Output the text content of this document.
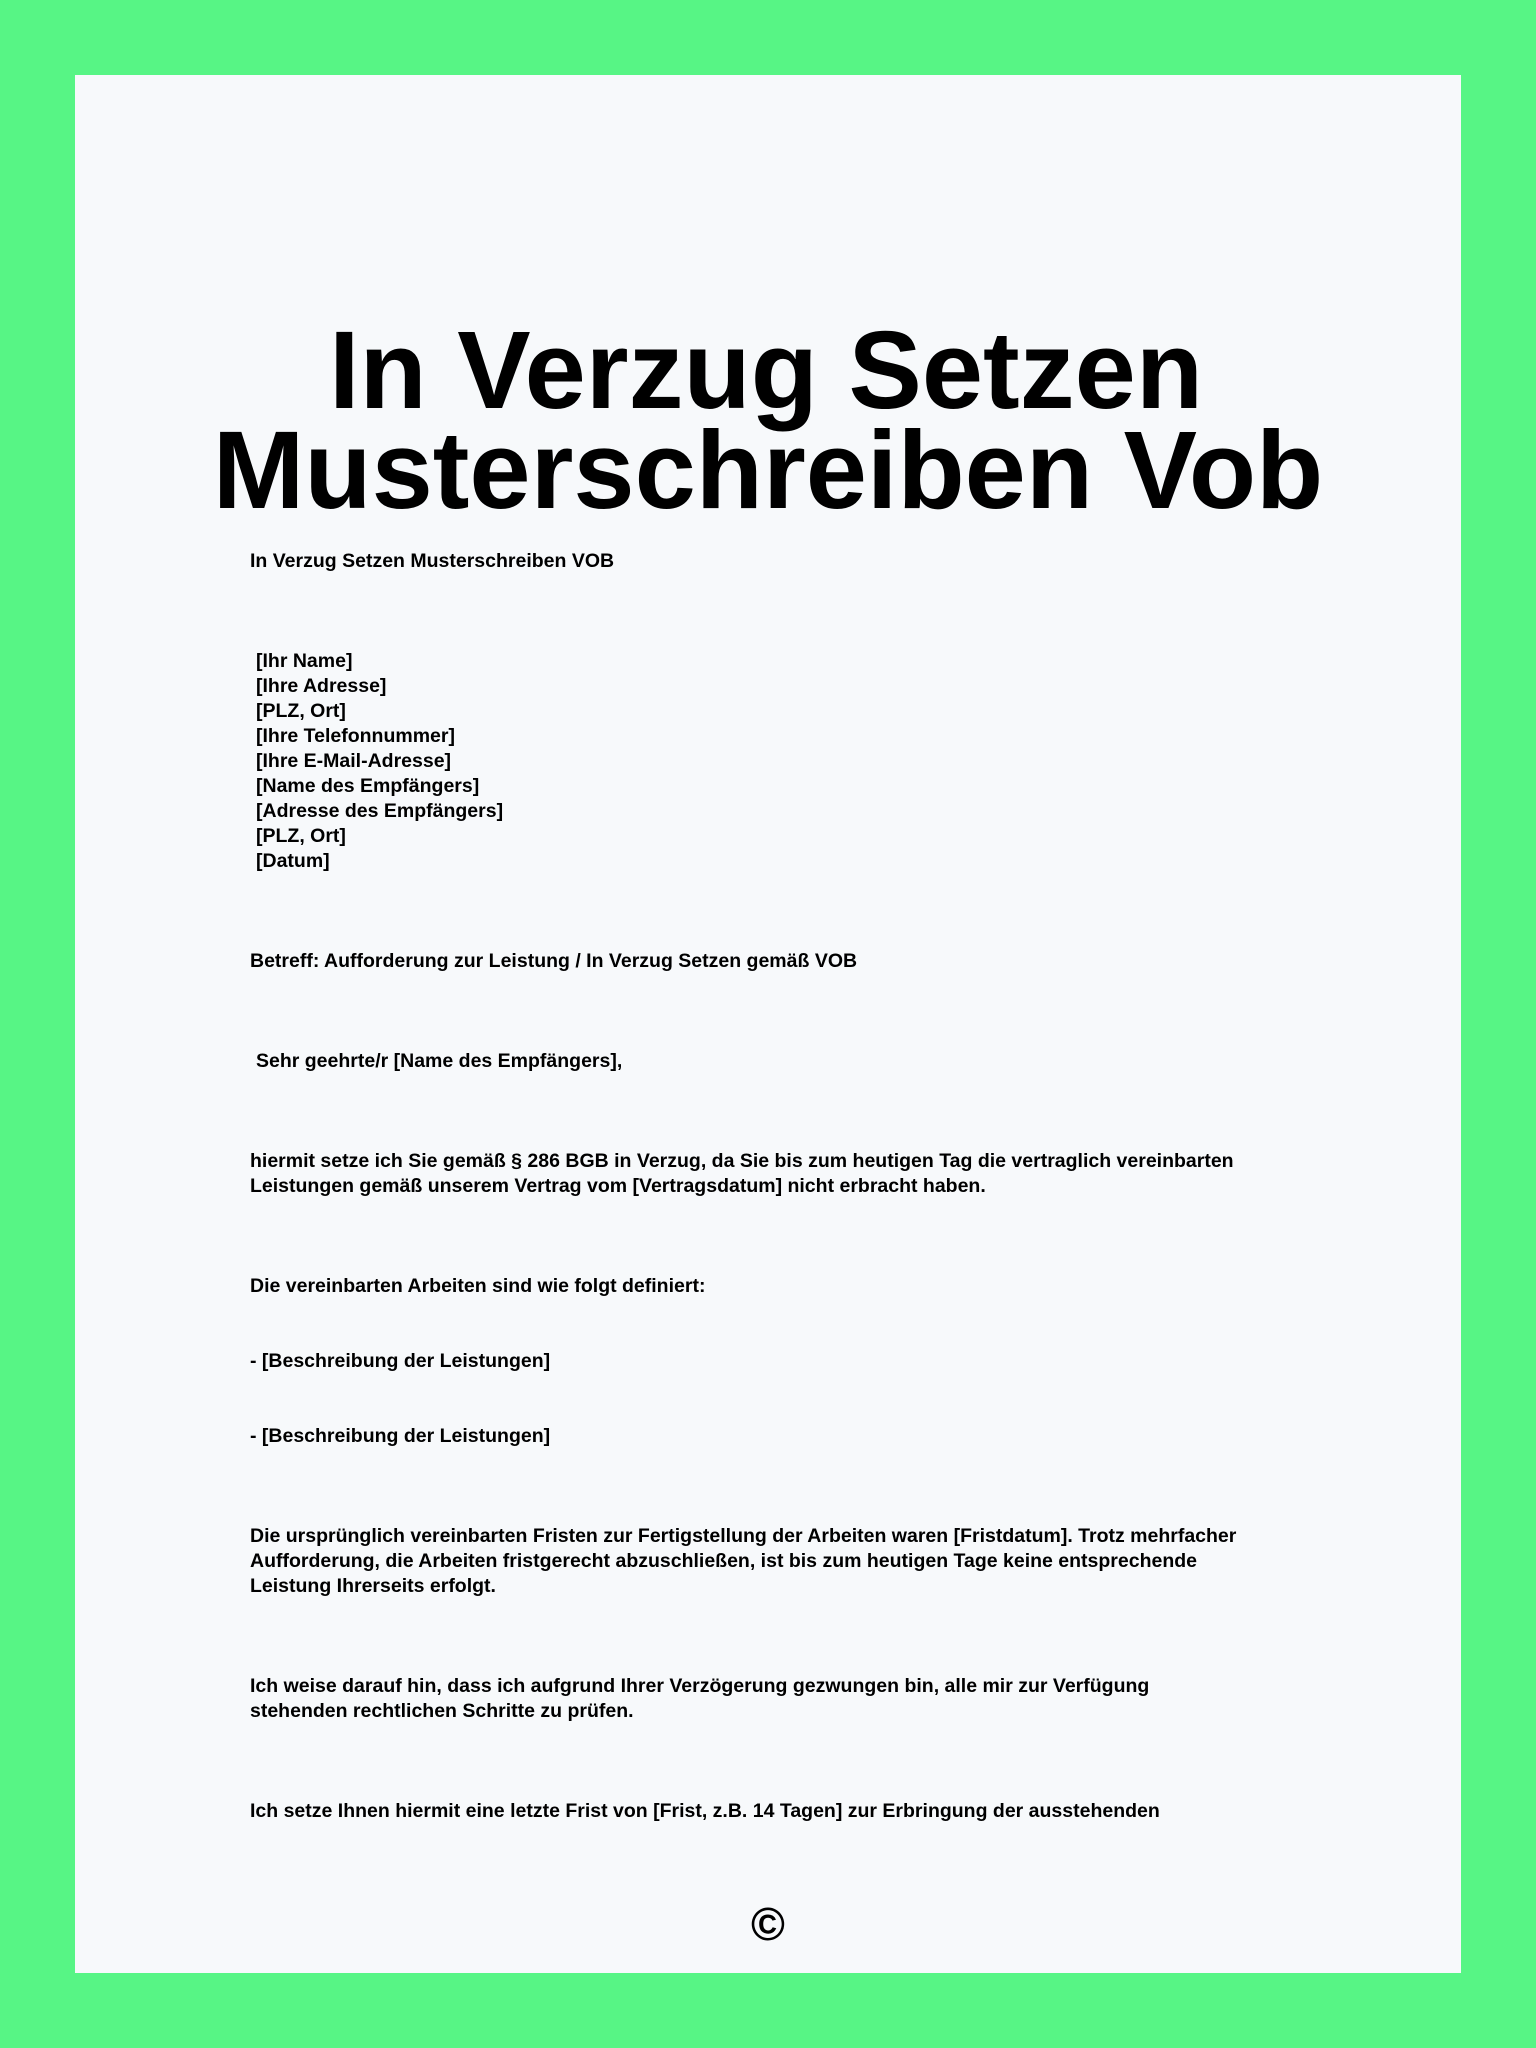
In Verzug Setzen
Musterschreiben Vob

In Verzug Setzen Musterschreiben VOB

[Ihr Name]
[Ihre Adresse]
[PLZ, Ort]
[Ihre Telefonnummer]
[Ihre E-Mail-Adresse]
[Name des Empfängers]
[Adresse des Empfängers]
[PLZ, Ort]
[Datum]

Betreff: Aufforderung zur Leistung / In Verzug Setzen gemäß VOB

Sehr geehrte/r [Name des Empfängers],

hiermit setze ich Sie gemäß § 286 BGB in Verzug, da Sie bis zum heutigen Tag die vertraglich vereinbarten
Leistungen gemäß unserem Vertrag vom [Vertragsdatum] nicht erbracht haben.

Die vereinbarten Arbeiten sind wie folgt definiert:

- [Beschreibung der Leistungen]

- [Beschreibung der Leistungen]

Die ursprünglich vereinbarten Fristen zur Fertigstellung der Arbeiten waren [Fristdatum]. Trotz mehrfacher
Aufforderung, die Arbeiten fristgerecht abzuschließen, ist bis zum heutigen Tage keine entsprechende
Leistung Ihrerseits erfolgt.

Ich weise darauf hin, dass ich aufgrund Ihrer Verzögerung gezwungen bin, alle mir zur Verfügung
stehenden rechtlichen Schritte zu prüfen.

Ich setze Ihnen hiermit eine letzte Frist von [Frist, z.B. 14 Tagen] zur Erbringung der ausstehenden

©
